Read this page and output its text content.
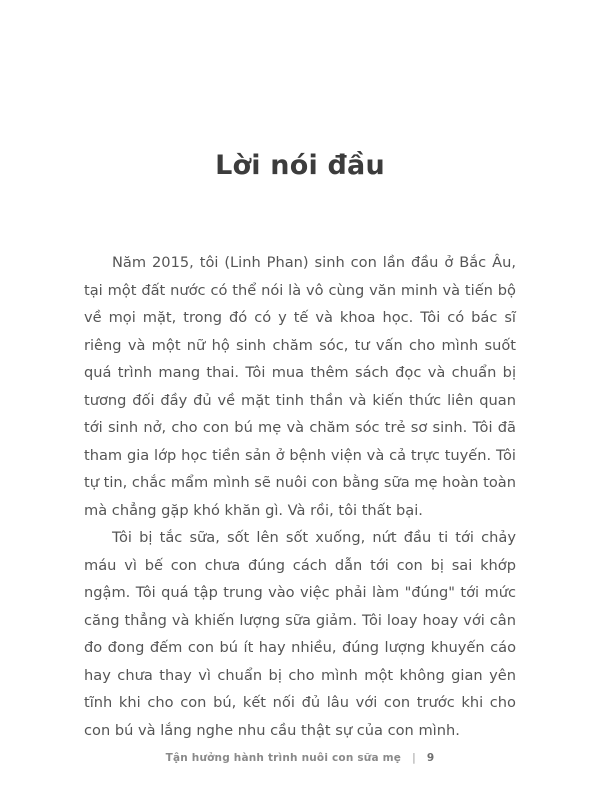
Lời nói đầu

Năm 2015, tôi (Linh Phan) sinh con lần đầu ở Bắc Âu, tại một đất nước có thể nói là vô cùng văn minh và tiến bộ về mọi mặt, trong đó có y tế và khoa học. Tôi có bác sĩ riêng và một nữ hộ sinh chăm sóc, tư vấn cho mình suốt quá trình mang thai. Tôi mua thêm sách đọc và chuẩn bị tương đối đầy đủ về mặt tinh thần và kiến thức liên quan tới sinh nở, cho con bú mẹ và chăm sóc trẻ sơ sinh. Tôi đã tham gia lớp học tiền sản ở bệnh viện và cả trực tuyến. Tôi tự tin, chắc mẩm mình sẽ nuôi con bằng sữa mẹ hoàn toàn mà chẳng gặp khó khăn gì. Và rồi, tôi thất bại.

Tôi bị tắc sữa, sốt lên sốt xuống, nứt đầu ti tới chảy máu vì bế con chưa đúng cách dẫn tới con bị sai khớp ngậm. Tôi quá tập trung vào việc phải làm "đúng" tới mức căng thẳng và khiến lượng sữa giảm. Tôi loay hoay với cân đo đong đếm con bú ít hay nhiều, đúng lượng khuyến cáo hay chưa thay vì chuẩn bị cho mình một không gian yên tĩnh khi cho con bú, kết nối đủ lâu với con trước khi cho con bú và lắng nghe nhu cầu thật sự của con mình.

Tận hưởng hành trình nuôi con sữa mẹ | 9
